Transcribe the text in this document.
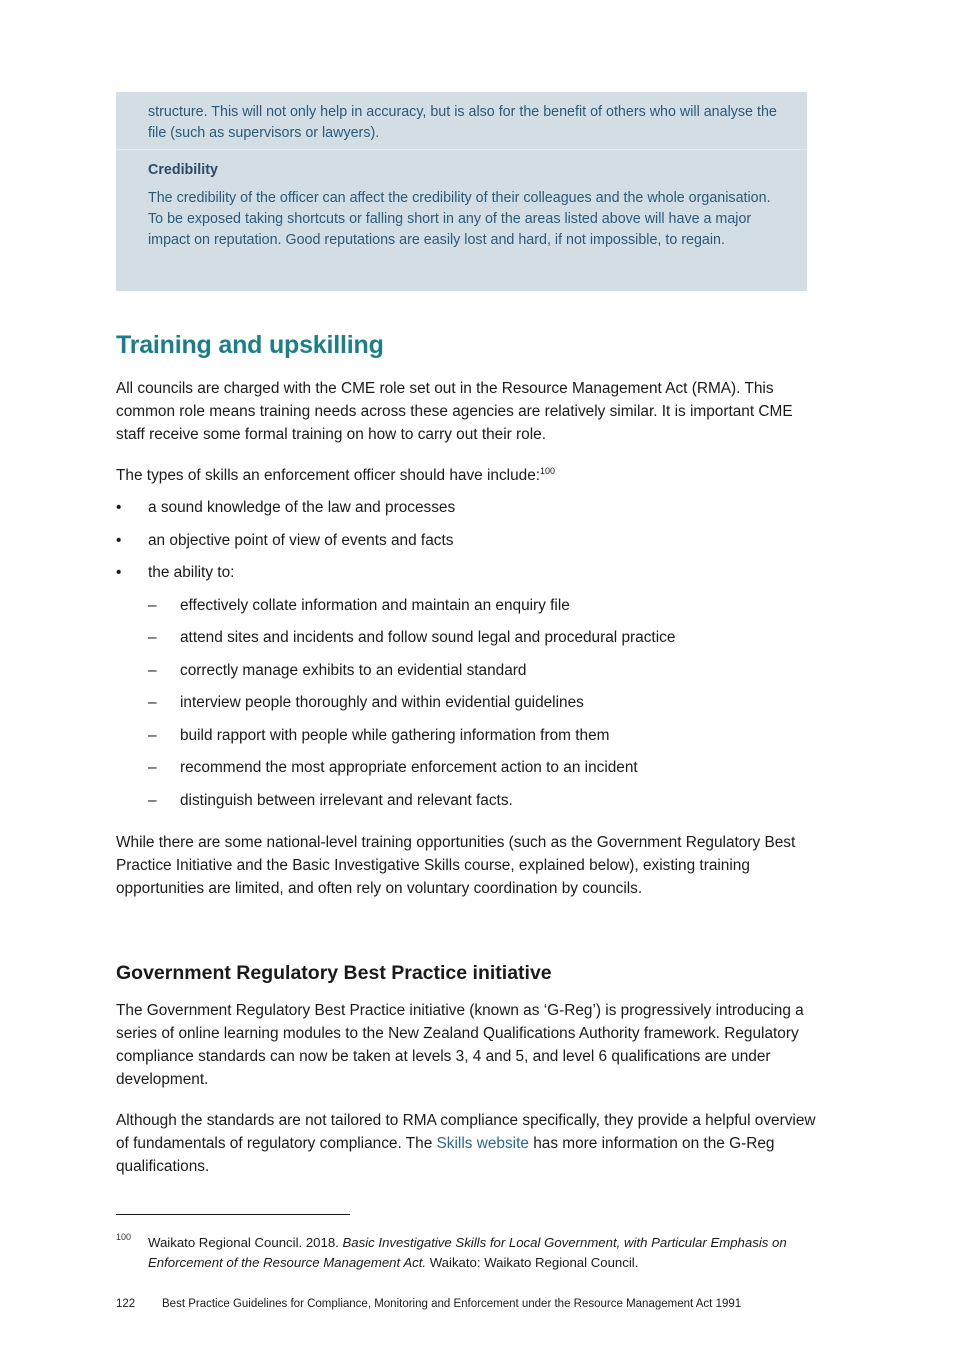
structure. This will not only help in accuracy, but is also for the benefit of others who will analyse the file (such as supervisors or lawyers).

Credibility

The credibility of the officer can affect the credibility of their colleagues and the whole organisation. To be exposed taking shortcuts or falling short in any of the areas listed above will have a major impact on reputation. Good reputations are easily lost and hard, if not impossible, to regain.

Training and upskilling

All councils are charged with the CME role set out in the Resource Management Act (RMA). This common role means training needs across these agencies are relatively similar. It is important CME staff receive some formal training on how to carry out their role.

The types of skills an enforcement officer should have include:$^{100}$

• a sound knowledge of the law and processes
• an objective point of view of events and facts
• the ability to:
– effectively collate information and maintain an enquiry file
– attend sites and incidents and follow sound legal and procedural practice
– correctly manage exhibits to an evidential standard
– interview people thoroughly and within evidential guidelines
– build rapport with people while gathering information from them
– recommend the most appropriate enforcement action to an incident
– distinguish between irrelevant and relevant facts.

While there are some national-level training opportunities (such as the Government Regulatory Best Practice Initiative and the Basic Investigative Skills course, explained below), existing training opportunities are limited, and often rely on voluntary coordination by councils.

Government Regulatory Best Practice initiative

The Government Regulatory Best Practice initiative (known as ‘G-Reg’) is progressively introducing a series of online learning modules to the New Zealand Qualifications Authority framework. Regulatory compliance standards can now be taken at levels 3, 4 and 5, and level 6 qualifications are under development.

Although the standards are not tailored to RMA compliance specifically, they provide a helpful overview of fundamentals of regulatory compliance. The Skills website has more information on the G-Reg qualifications.

100 Waikato Regional Council. 2018. Basic Investigative Skills for Local Government, with Particular Emphasis on Enforcement of the Resource Management Act. Waikato: Waikato Regional Council.

122 Best Practice Guidelines for Compliance, Monitoring and Enforcement under the Resource Management Act 1991
